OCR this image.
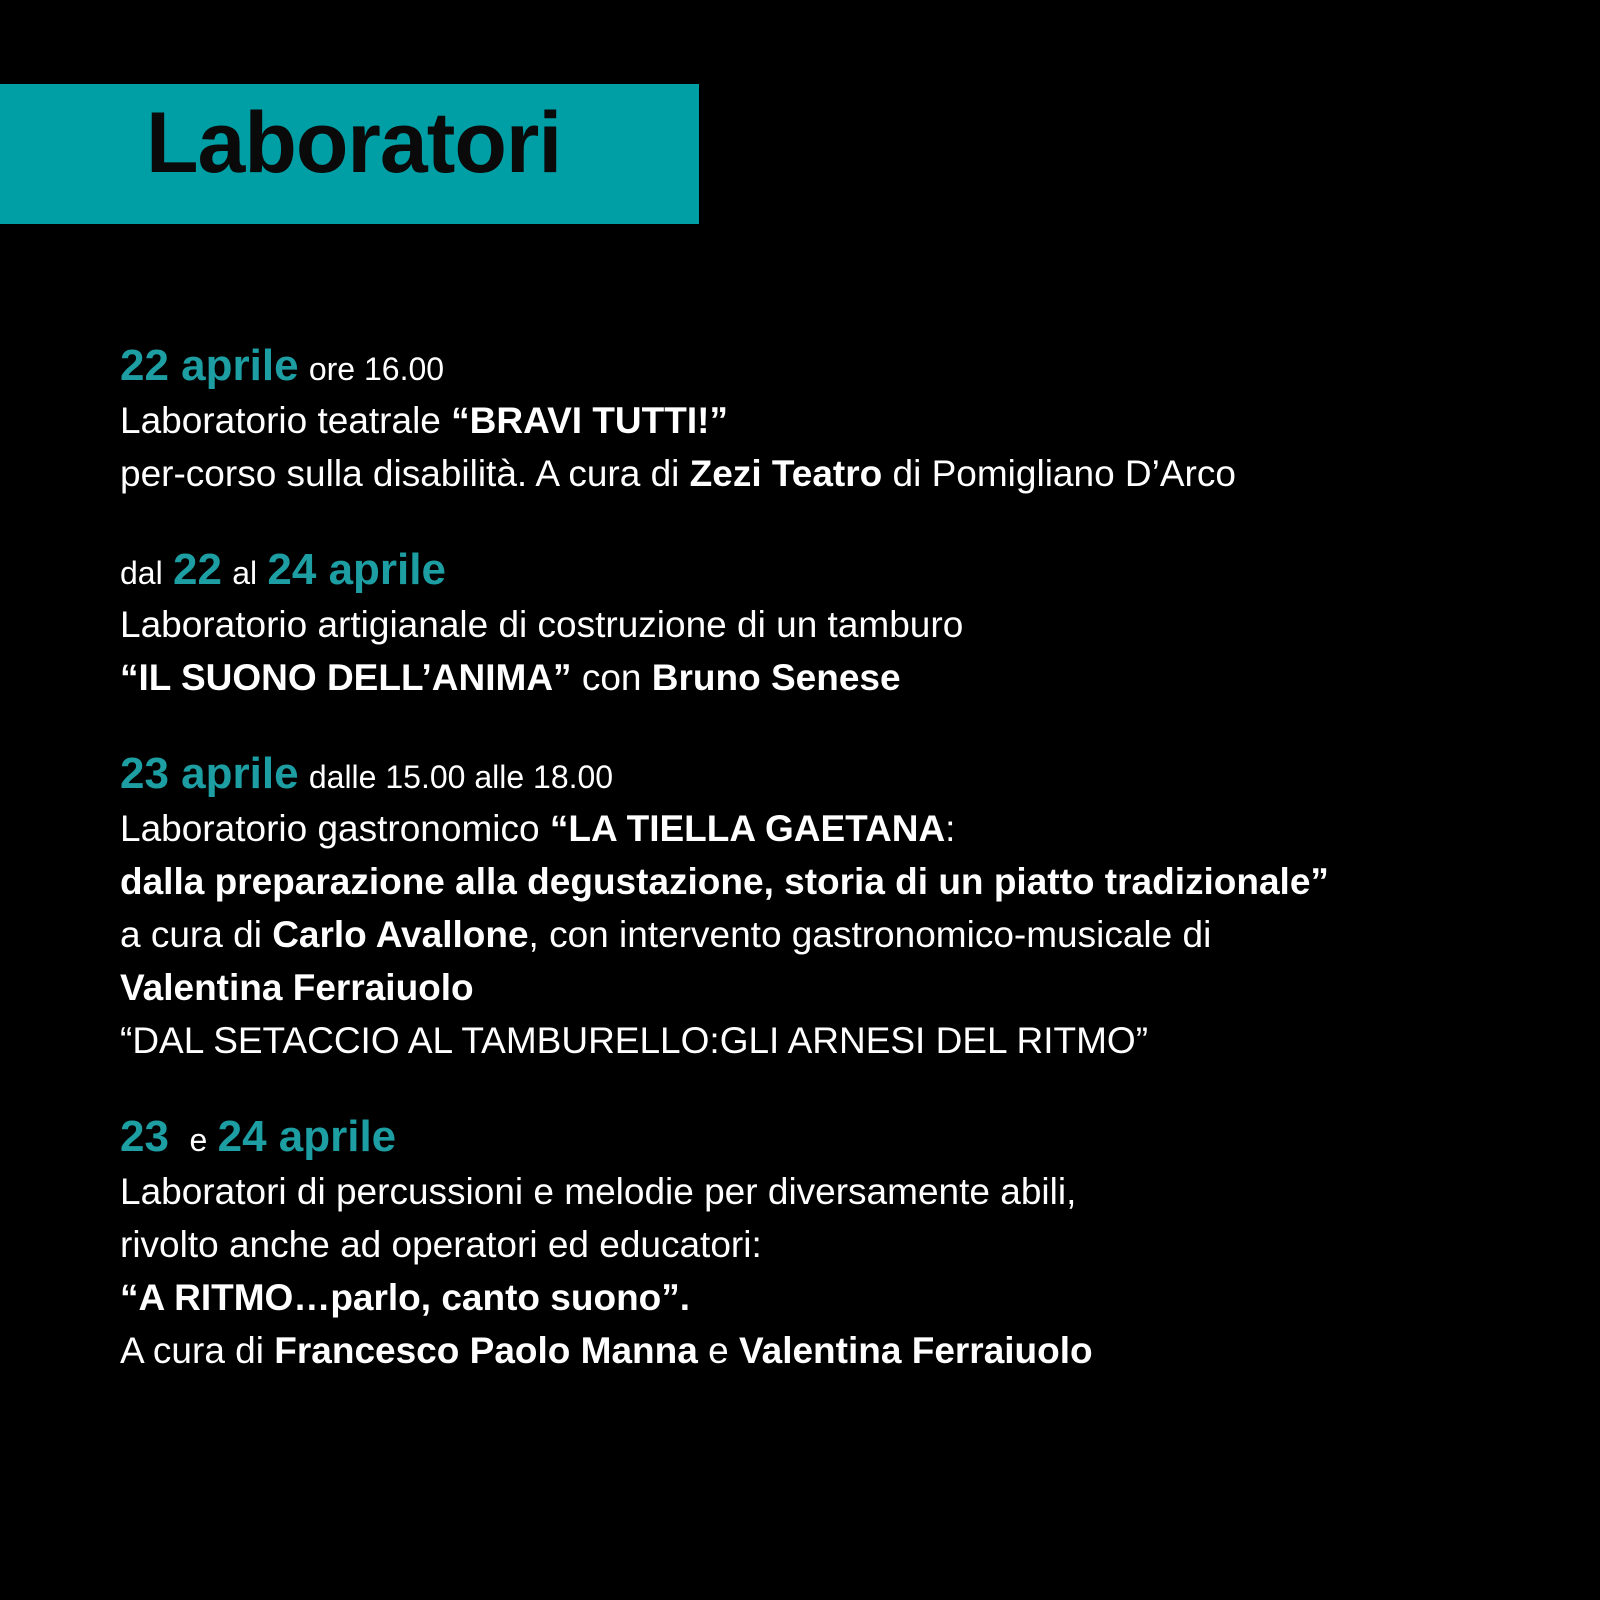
Laboratori
22 aprile ore 16.00
Laboratorio teatrale “BRAVI TUTTI!”
per-corso sulla disabilità. A cura di Zezi Teatro di Pomigliano D’Arco
dal 22 al 24 aprile
Laboratorio artigianale di costruzione di un tamburo
“IL SUONO DELL’ANIMA” con Bruno Senese
23 aprile dalle 15.00 alle 18.00
Laboratorio gastronomico “LA TIELLA GAETANA:
dalla preparazione alla degustazione, storia di un piatto tradizionale”
a cura di Carlo Avallone, con intervento gastronomico-musicale di
Valentina Ferraiuolo
“DAL SETACCIO AL TAMBURELLO:GLI ARNESI DEL RITMO”
23 e 24 aprile
Laboratori di percussioni e melodie per diversamente abili,
rivolto anche ad operatori ed educatori:
“A RITMO…parlo, canto suono”.
A cura di Francesco Paolo Manna e Valentina Ferraiuolo
